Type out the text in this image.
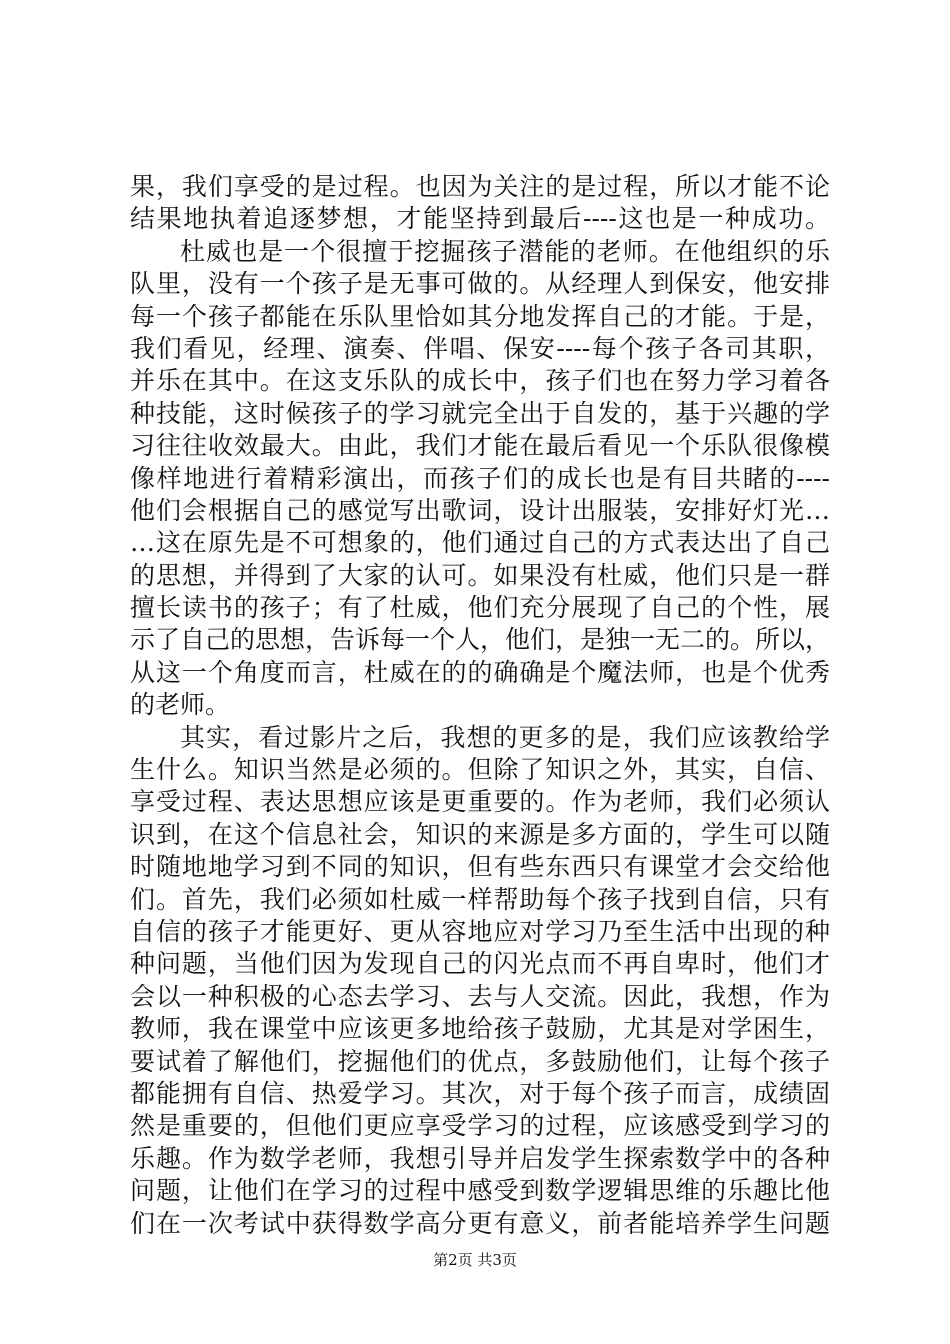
果，我们享受的是过程。也因为关注的是过程，所以才能不论
结果地执着追逐梦想，才能坚持到最后----这也是一种成功。
杜威也是一个很擅于挖掘孩子潜能的老师。在他组织的乐
队里，没有一个孩子是无事可做的。从经理人到保安，他安排
每一个孩子都能在乐队里恰如其分地发挥自己的才能。于是，
我们看见，经理、演奏、伴唱、保安----每个孩子各司其职，
并乐在其中。在这支乐队的成长中，孩子们也在努力学习着各
种技能，这时候孩子的学习就完全出于自发的，基于兴趣的学
习往往收效最大。由此，我们才能在最后看见一个乐队很像模
像样地进行着精彩演出，而孩子们的成长也是有目共睹的----
他们会根据自己的感觉写出歌词，设计出服装，安排好灯光…
…这在原先是不可想象的，他们通过自己的方式表达出了自己
的思想，并得到了大家的认可。如果没有杜威，他们只是一群
擅长读书的孩子；有了杜威，他们充分展现了自己的个性，展
示了自己的思想，告诉每一个人，他们，是独一无二的。所以，
从这一个角度而言，杜威在的的确确是个魔法师，也是个优秀
的老师。
其实，看过影片之后，我想的更多的是，我们应该教给学
生什么。知识当然是必须的。但除了知识之外，其实，自信、
享受过程、表达思想应该是更重要的。作为老师，我们必须认
识到，在这个信息社会，知识的来源是多方面的，学生可以随
时随地地学习到不同的知识，但有些东西只有课堂才会交给他
们。首先，我们必须如杜威一样帮助每个孩子找到自信，只有
自信的孩子才能更好、更从容地应对学习乃至生活中出现的种
种问题，当他们因为发现自己的闪光点而不再自卑时，他们才
会以一种积极的心态去学习、去与人交流。因此，我想，作为
教师，我在课堂中应该更多地给孩子鼓励，尤其是对学困生，
要试着了解他们，挖掘他们的优点，多鼓励他们，让每个孩子
都能拥有自信、热爱学习。其次，对于每个孩子而言，成绩固
然是重要的，但他们更应享受学习的过程，应该感受到学习的
乐趣。作为数学老师，我想引导并启发学生探索数学中的各种
问题，让他们在学习的过程中感受到数学逻辑思维的乐趣比他
们在一次考试中获得数学高分更有意义，前者能培养学生问题
第2页 共3页
